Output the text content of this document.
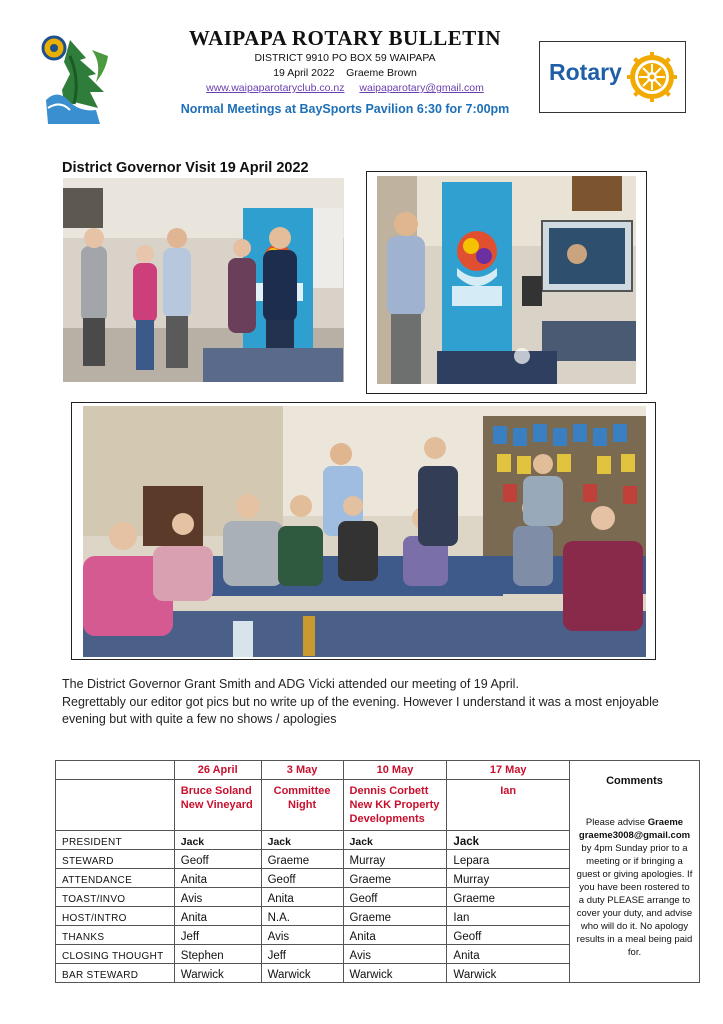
WAIPAPA ROTARY BULLETIN
DISTRICT 9910 PO BOX 59 WAIPAPA
19 April 2022    Graeme Brown
www.waipaparotaryclub.co.nz waipaparotary@gmail.com
Normal Meetings at BaySports Pavilion 6:30 for 7:00pm
Rotary
District Governor Visit 19 April 2022

The District Governor Grant Smith and ADG Vicki attended our meeting of 19 April.

Regrettably our editor got pics but no write up of the evening. However I understand it was a most enjoyable evening but with quite a few no shows / apologies

	26 April	3 May	10 May	17 May	Comments
Please advise Graeme
graeme3008@gmail.com
by 4pm Sunday prior to a meeting or if bringing a guest or giving apologies. If you have been rostered to a duty PLEASE arrange to cover your duty, and advise who will do it. No apology results in a meal being paid for.
	Bruce Soland New Vineyard	Committee Night	Dennis Corbett New KK Property Developments	Ian	
PRESIDENT	Jack	Jack	Jack	Jack	
STEWARD	Geoff	Graeme	Murray	Lepara	
ATTENDANCE	Anita	Geoff	Graeme	Murray	
TOAST/INVO	Avis	Anita	Geoff	Graeme	
HOST/INTRO	Anita	N.A.	Graeme	Ian	
THANKS	Jeff	Avis	Anita	Geoff	
CLOSING THOUGHT	Stephen	Jeff	Avis	Anita	
BAR STEWARD	Warwick	Warwick	Warwick	Warwick	
